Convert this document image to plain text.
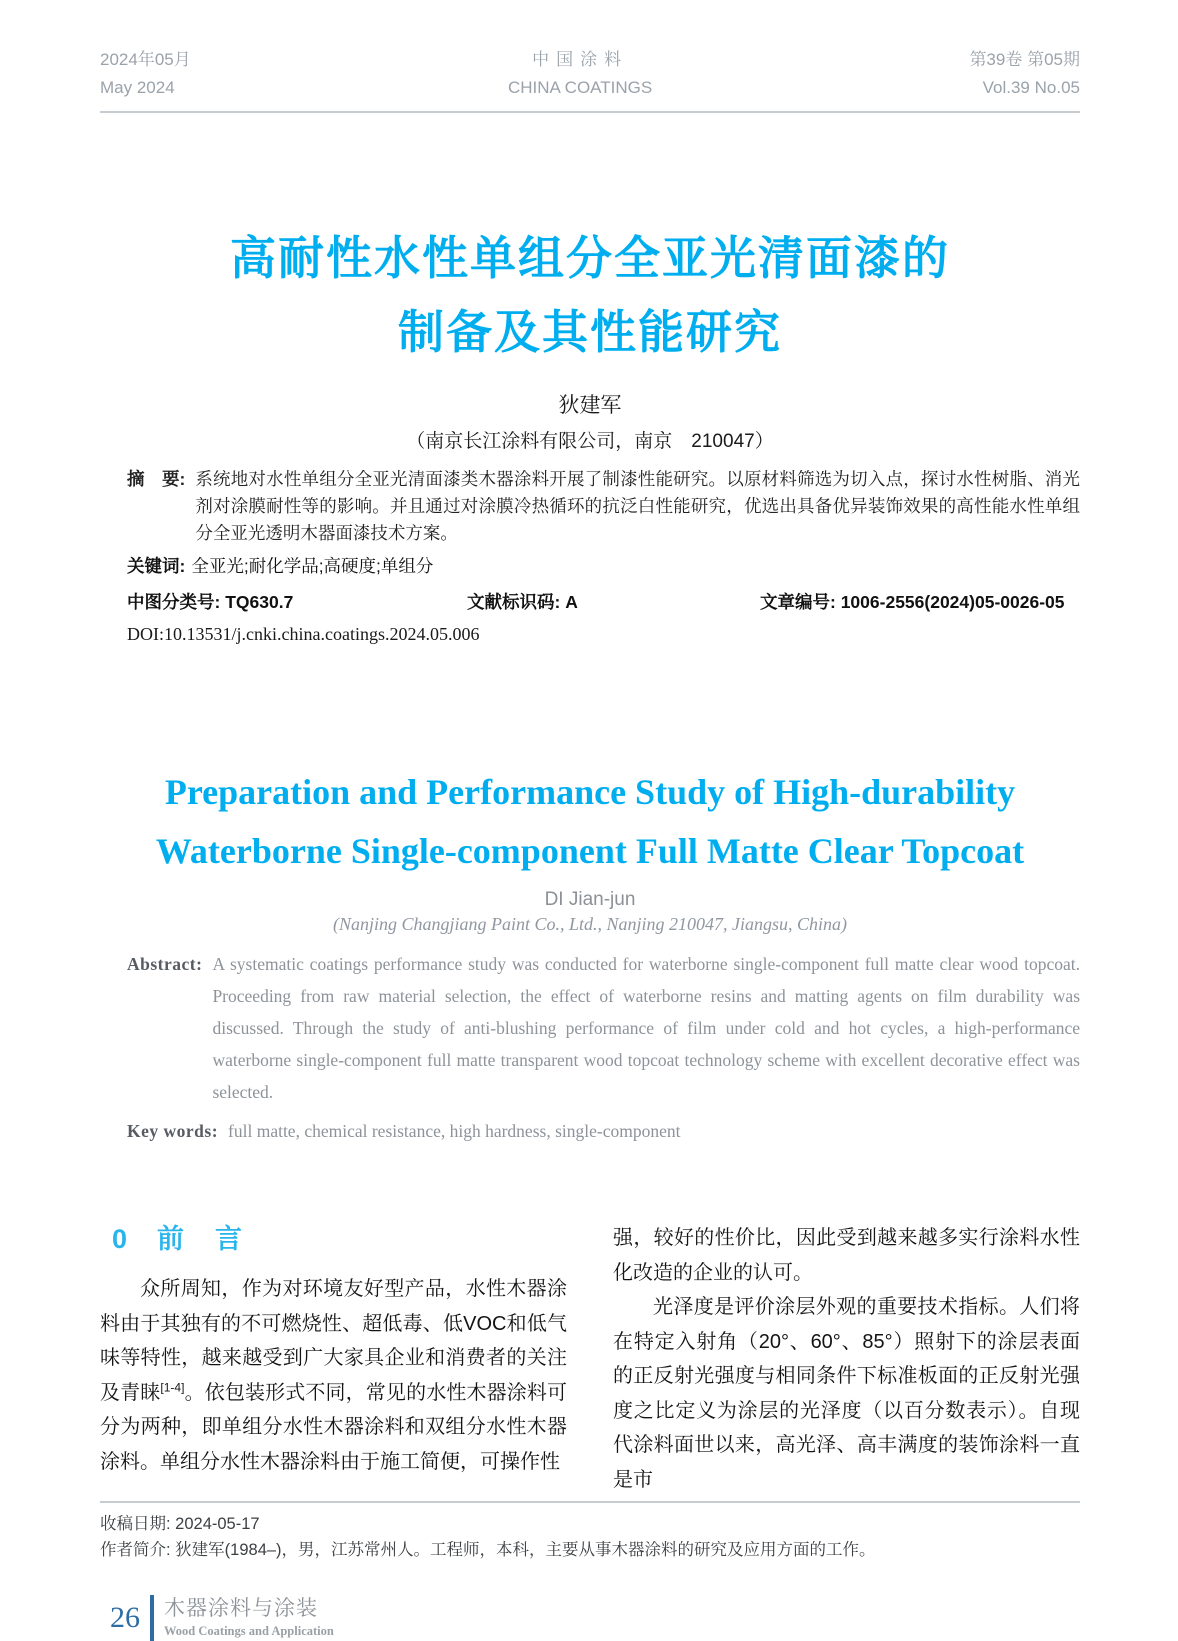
2024年05月
May 2024
中国涂料
CHINA COATINGS
第39卷 第05期
Vol.39 No.05
高耐性水性单组分全亚光清面漆的
制备及其性能研究
狄建军
（南京长江涂料有限公司，南京　210047）
摘　要: 系统地对水性单组分全亚光清面漆类木器涂料开展了制漆性能研究。以原材料筛选为切入点，探讨水性树脂、消光剂对涂膜耐性等的影响。并且通过对涂膜冷热循环的抗泛白性能研究，优选出具备优异装饰效果的高性能水性单组分全亚光透明木器面漆技术方案。
关键词: 全亚光;耐化学品;高硬度;单组分
中图分类号: TQ630.7	文献标识码: A	文章编号: 1006-2556(2024)05-0026-05
DOI:10.13531/j.cnki.china.coatings.2024.05.006
Preparation and Performance Study of High-durability
Waterborne Single-component Full Matte Clear Topcoat
DI Jian-jun
(Nanjing Changjiang Paint Co., Ltd., Nanjing 210047, Jiangsu, China)
Abstract: A systematic coatings performance study was conducted for waterborne single-component full matte clear wood topcoat. Proceeding from raw material selection, the effect of waterborne resins and matting agents on film durability was discussed. Through the study of anti-blushing performance of film under cold and hot cycles, a high-performance waterborne single-component full matte transparent wood topcoat technology scheme with excellent decorative effect was selected.
Key words: full matte, chemical resistance, high hardness, single-component
0 前　言

众所周知，作为对环境友好型产品，水性木器涂料由于其独有的不可燃烧性、超低毒、低VOC和低气味等特性，越来越受到广大家具企业和消费者的关注及青睐[1-4]。依包装形式不同，常见的水性木器涂料可分为两种，即单组分水性木器涂料和双组分水性木器涂料。单组分水性木器涂料由于施工简便，可操作性

强，较好的性价比，因此受到越来越多实行涂料水性化改造的企业的认可。

光泽度是评价涂层外观的重要技术指标。人们将在特定入射角（20°、60°、85°）照射下的涂层表面的正反射光强度与相同条件下标准板面的正反射光强度之比定义为涂层的光泽度（以百分数表示）。自现代涂料面世以来，高光泽、高丰满度的装饰涂料一直是市

收稿日期: 2024-05-17
作者简介: 狄建军(1984–)，男，江苏常州人。工程师，本科，主要从事木器涂料的研究及应用方面的工作。
26 木器涂料与涂装
Wood Coatings and Application
